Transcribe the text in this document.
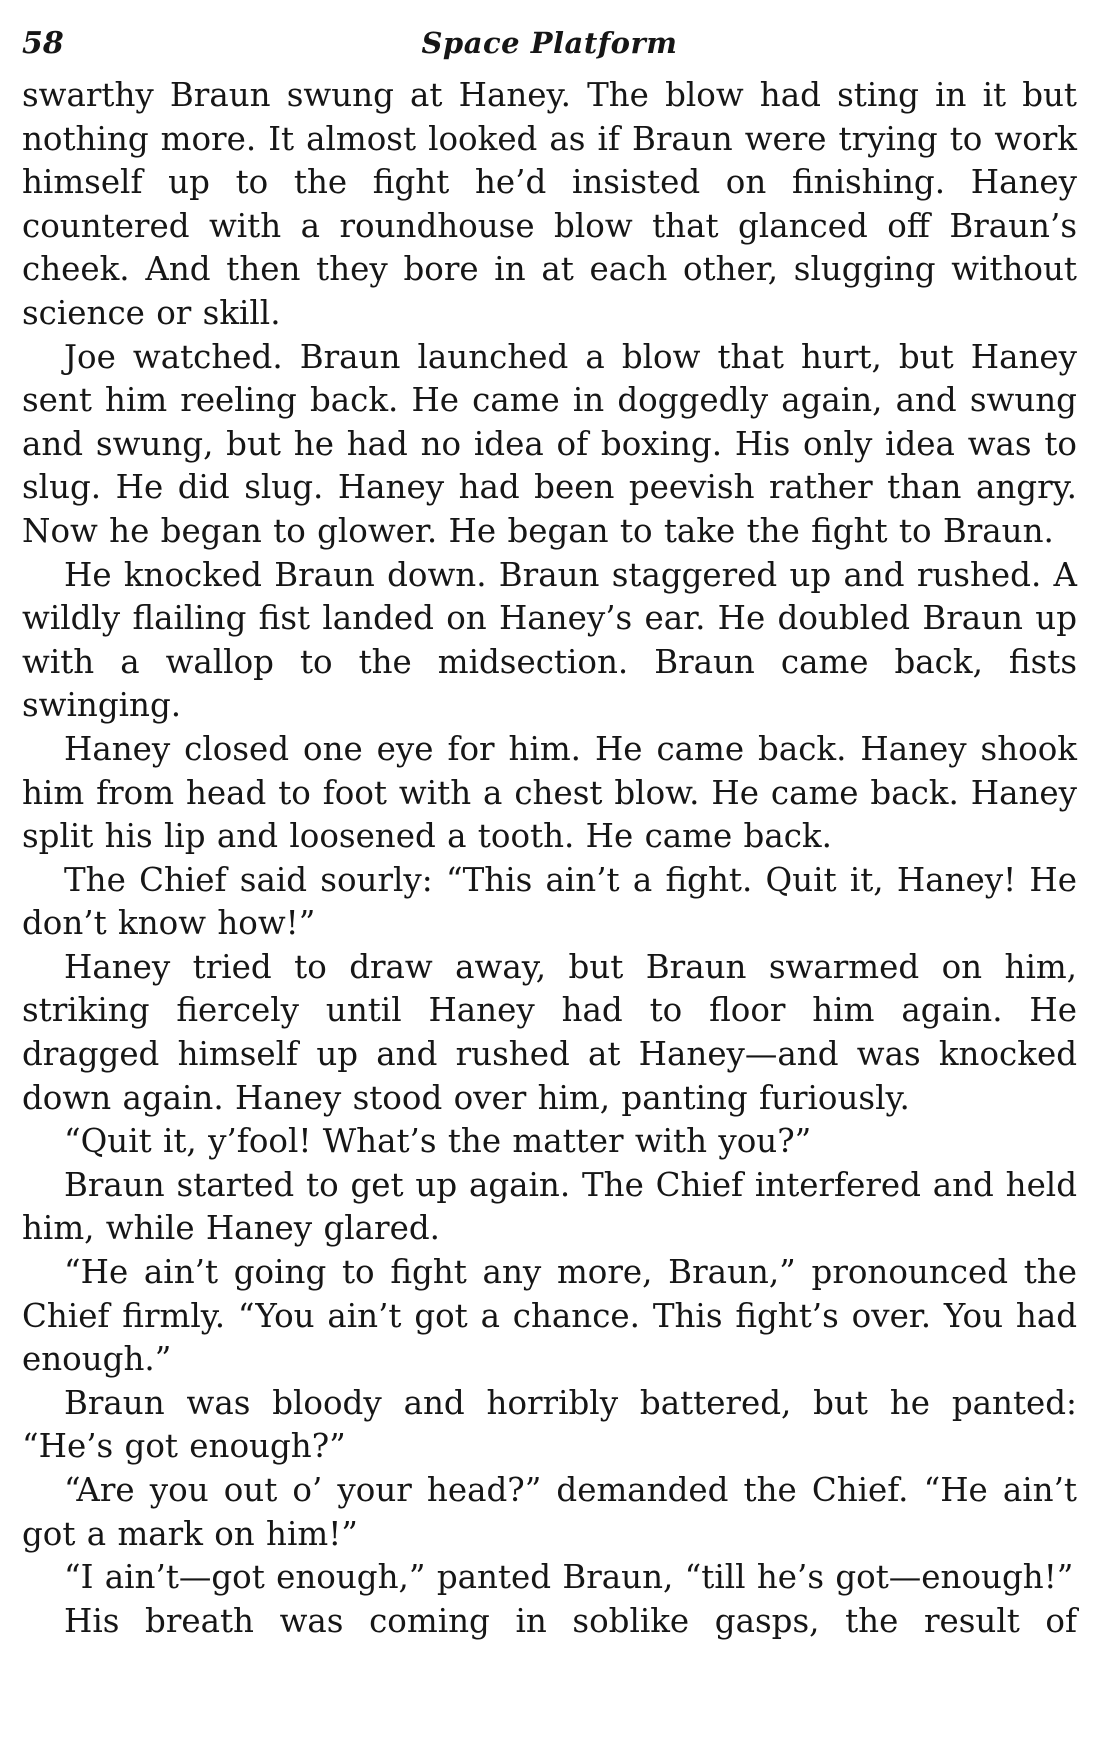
58	Space Platform

swarthy Braun swung at Haney. The blow had sting in it but nothing more. It almost looked as if Braun were trying to work himself up to the fight he’d insisted on finishing. Haney countered with a roundhouse blow that glanced off Braun’s cheek. And then they bore in at each other, slugging without science or skill.

Joe watched. Braun launched a blow that hurt, but Haney sent him reeling back. He came in doggedly again, and swung and swung, but he had no idea of boxing. His only idea was to slug. He did slug. Haney had been peevish rather than angry. Now he began to glower. He began to take the fight to Braun.

He knocked Braun down. Braun staggered up and rushed. A wildly flailing fist landed on Haney’s ear. He doubled Braun up with a wallop to the midsection. Braun came back, fists swinging.

Haney closed one eye for him. He came back. Haney shook him from head to foot with a chest blow. He came back. Haney split his lip and loosened a tooth. He came back.

The Chief said sourly: “This ain’t a fight. Quit it, Haney! He don’t know how!”

Haney tried to draw away, but Braun swarmed on him, striking fiercely until Haney had to floor him again. He dragged himself up and rushed at Haney—and was knocked down again. Haney stood over him, panting furiously.

“Quit it, y’fool! What’s the matter with you?”

Braun started to get up again. The Chief interfered and held him, while Haney glared.

“He ain’t going to fight any more, Braun,” pronounced the Chief firmly. “You ain’t got a chance. This fight’s over. You had enough.”

Braun was bloody and horribly battered, but he panted: “He’s got enough?”

“Are you out o’ your head?” demanded the Chief. “He ain’t got a mark on him!”

“I ain’t—got enough,” panted Braun, “till he’s got—enough!”

His breath was coming in soblike gasps, the result of
